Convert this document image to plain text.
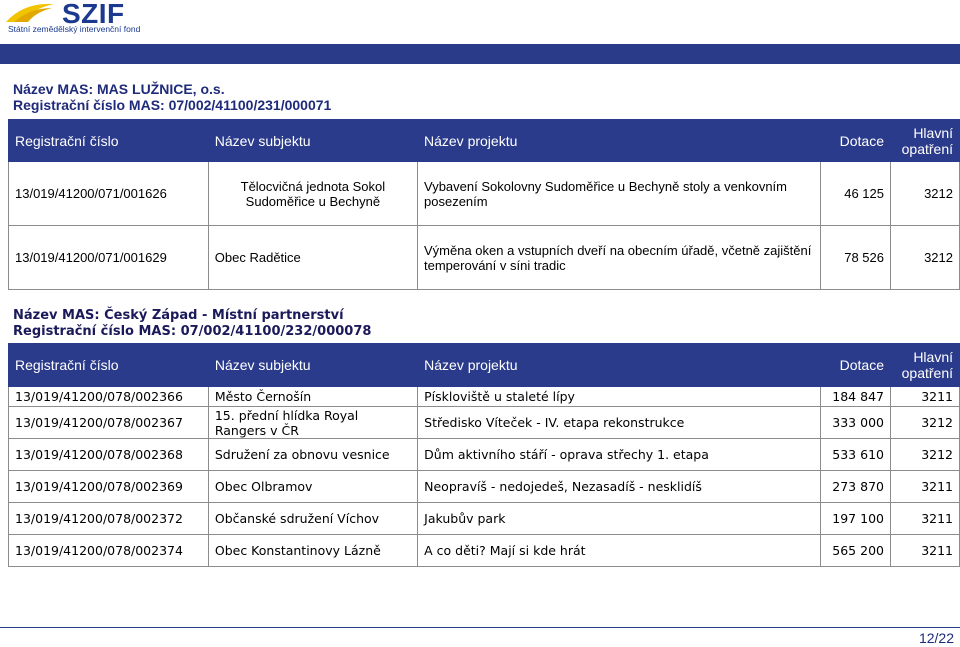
SZIF
Státní zemědělský intervenční fond
Název MAS: MAS LUŽNICE, o.s.
Registrační číslo MAS: 07/002/41100/231/000071
Registrační číslo	Název subjektu	Název projektu	Dotace	Hlavní opatření
13/019/41200/071/001626	Tělocvičná jednota Sokol Sudoměřice u Bechyně	Vybavení Sokolovny Sudoměřice u Bechyně stoly a venkovním posezením	46 125	3212
13/019/41200/071/001629	Obec Radětice	Výměna oken a vstupních dveří na obecním úřadě, včetně zajištění temperování v síni tradic	78 526	3212
Název MAS: Český Západ - Místní partnerství
Registrační číslo MAS: 07/002/41100/232/000078
Registrační číslo	Název subjektu	Název projektu	Dotace	Hlavní opatření
13/019/41200/078/002366	Město Černošín	Pískloviště u staleté lípy	184 847	3211
13/019/41200/078/002367	15. přední hlídka Royal Rangers v ČR	Středisko Víteček - IV. etapa rekonstrukce	333 000	3212
13/019/41200/078/002368	Sdružení za obnovu vesnice	Dům aktivního stáří - oprava střechy 1. etapa	533 610	3212
13/019/41200/078/002369	Obec Olbramov	Neopravíš - nedojedeš, Nezasadíš - nesklidíš	273 870	3211
13/019/41200/078/002372	Občanské sdružení Víchov	Jakubův park	197 100	3211
13/019/41200/078/002374	Obec Konstantinovy Lázně	A co děti? Mají si kde hrát	565 200	3211
12/22
